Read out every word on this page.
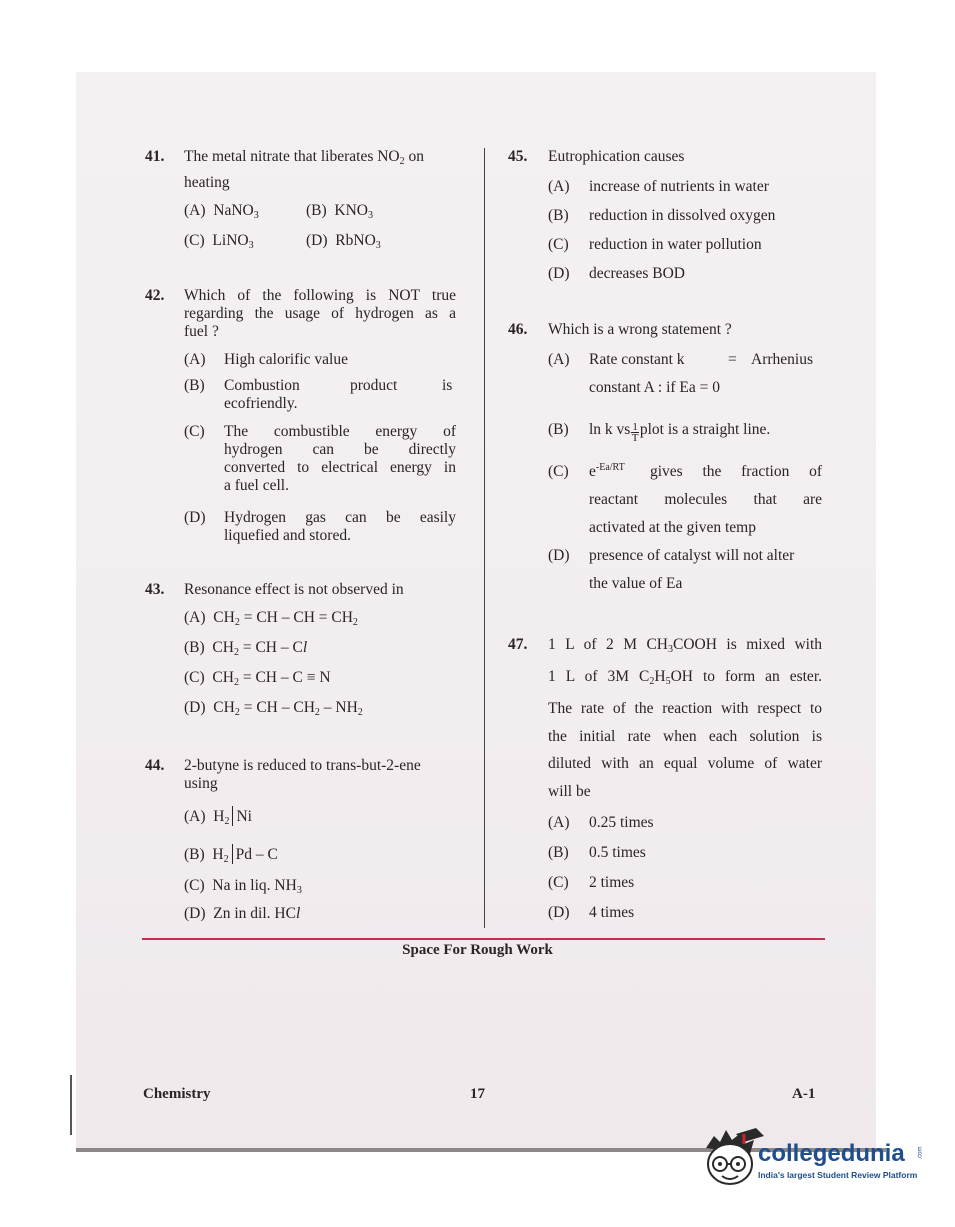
41. The metal nitrate that liberates $NO_2$ on
heating
(A) NaNO$_3$	(B) $KNO_3$
(C) LiNO$_3$	(D) RbNO$_3$
42. Which of the following is NOT true
regarding the usage of hydrogen as a
fuel ?
(A) High calorific value
(B) Combustion	product	is
ecofriendly.
(C) The combustible energy of
hydrogen can be directly
converted to electrical energy in
a fuel cell.
(D) Hydrogen gas can be easily
liquefied and stored.
43. Resonance effect is not observed in
(A) $CH_2$ = CH – CH = $CH_2$
(B) $CH_2$ = CH – Cl
(C) $CH_2$ = CH – C ≡ N
(D) $CH_2$ = CH – $CH_2 - NH_2$
44. 2-butyne is reduced to trans-but-2-ene
using
(A) $H_2$ Ni
(B) $H_2$ Pd – C
(C) Na in liq. $NH_3$
(D) Zn in dil. HCl
45. Eutrophication causes
(A) increase of nutrients in water
(B) reduction in dissolved oxygen
(C) reduction in water pollution
(D) decreases BOD
46. Which is a wrong statement ?
(A) Rate constant k	= Arrhenius
constant A : if Ea = 0
(B) ln k vs $\frac{1}{T}$ plot is a straight line.
(C) $e^{-Ea/RT}$ gives the fraction of
reactant molecules that are
activated at the given temp
(D) presence of catalyst will not alter
the value of Ea
47. 1 L of 2 M $CH_3COOH$ is mixed with
1 L of 3M $C_2H_5OH$ to form an ester.
The rate of the reaction with respect to
the initial rate when each solution is
diluted with an equal volume of water
will be
(A) 0.25 times
(B) 0.5 times
(C) 2 times
(D) 4 times
Space For Rough Work
Chemistry	17	A-1
collegedunia .com
India's largest Student Review Platform
